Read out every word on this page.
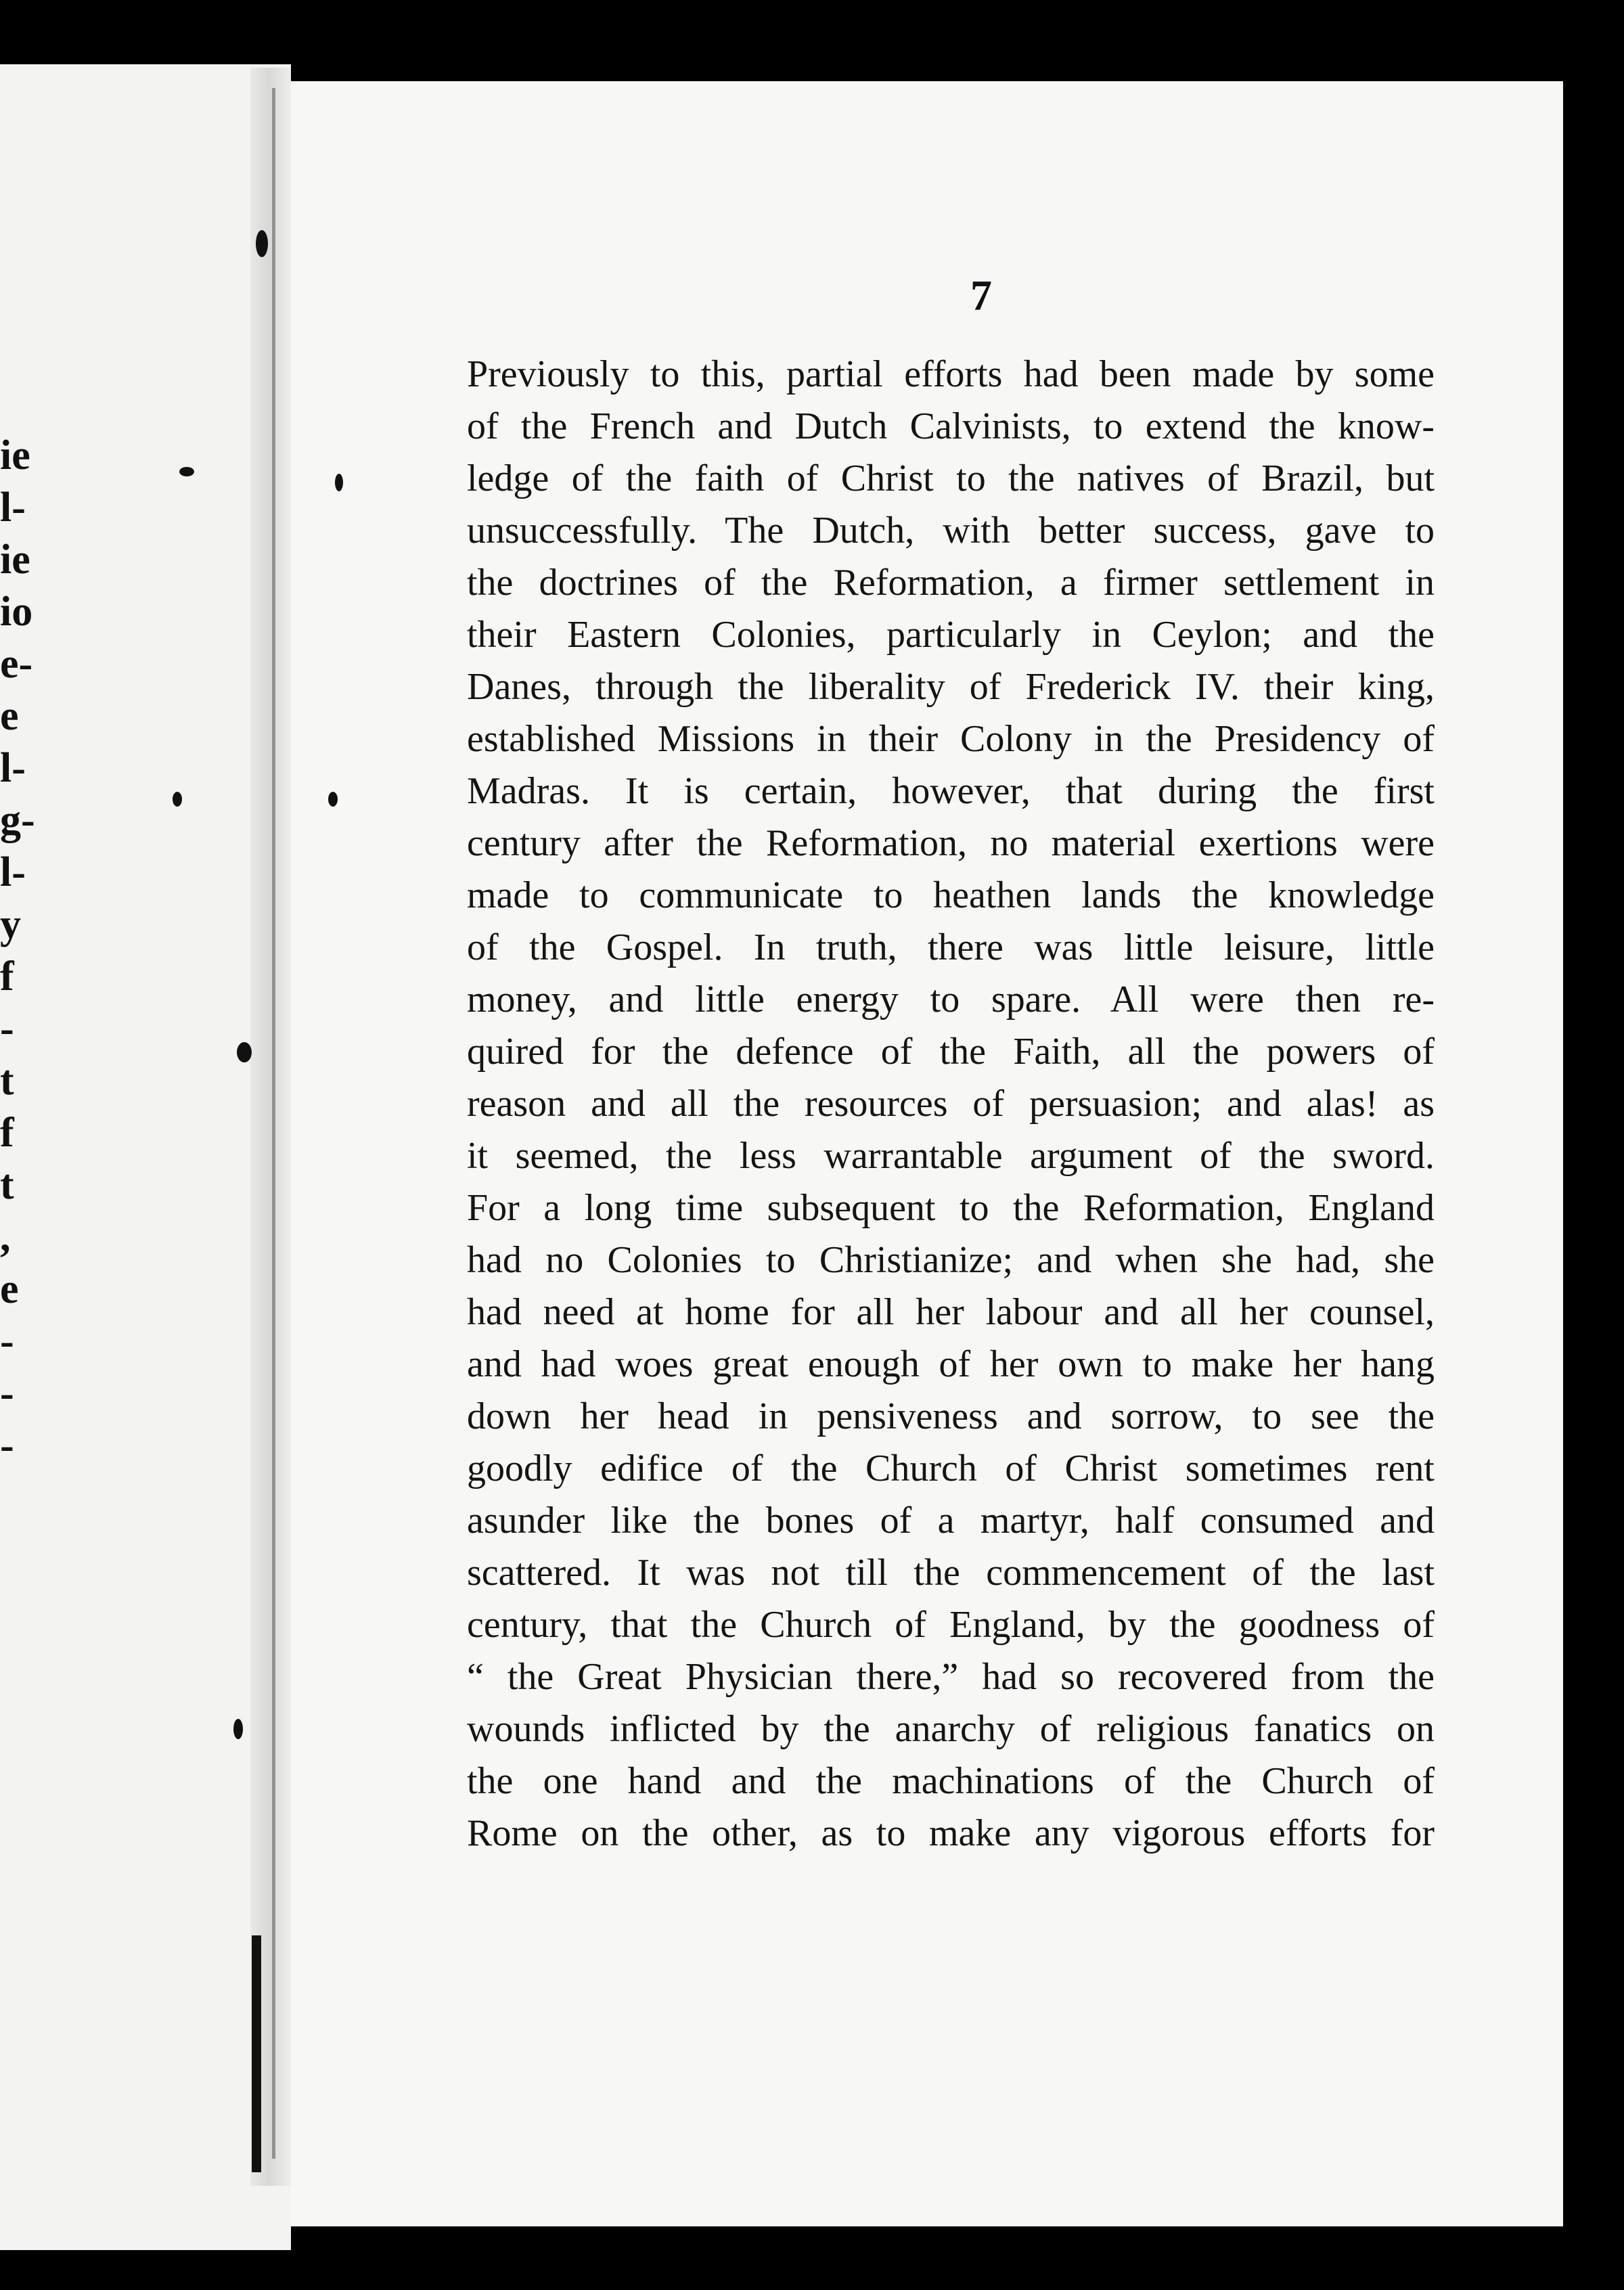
ie
l-
ie
io
e-
e
l-
g-
l-
y
f
-
t
f
t
,
e
-
-
-
7
Previously to this, partial efforts had been made by some
of the French and Dutch Calvinists, to extend the know-
ledge of the faith of Christ to the natives of Brazil, but
unsuccessfully. The Dutch, with better success, gave to
the doctrines of the Reformation, a firmer settlement in
their Eastern Colonies, particularly in Ceylon; and the
Danes, through the liberality of Frederick IV. their king,
established Missions in their Colony in the Presidency of
Madras. It is certain, however, that during the first
century after the Reformation, no material exertions were
made to communicate to heathen lands the knowledge
of the Gospel. In truth, there was little leisure, little
money, and little energy to spare. All were then re-
quired for the defence of the Faith, all the powers of
reason and all the resources of persuasion; and alas! as
it seemed, the less warrantable argument of the sword.
For a long time subsequent to the Reformation, England
had no Colonies to Christianize; and when she had, she
had need at home for all her labour and all her counsel,
and had woes great enough of her own to make her hang
down her head in pensiveness and sorrow, to see the
goodly edifice of the Church of Christ sometimes rent
asunder like the bones of a martyr, half consumed and
scattered. It was not till the commencement of the last
century, that the Church of England, by the goodness of
“ the Great Physician there,” had so recovered from the
wounds inflicted by the anarchy of religious fanatics on
the one hand and the machinations of the Church of
Rome on the other, as to make any vigorous efforts for
